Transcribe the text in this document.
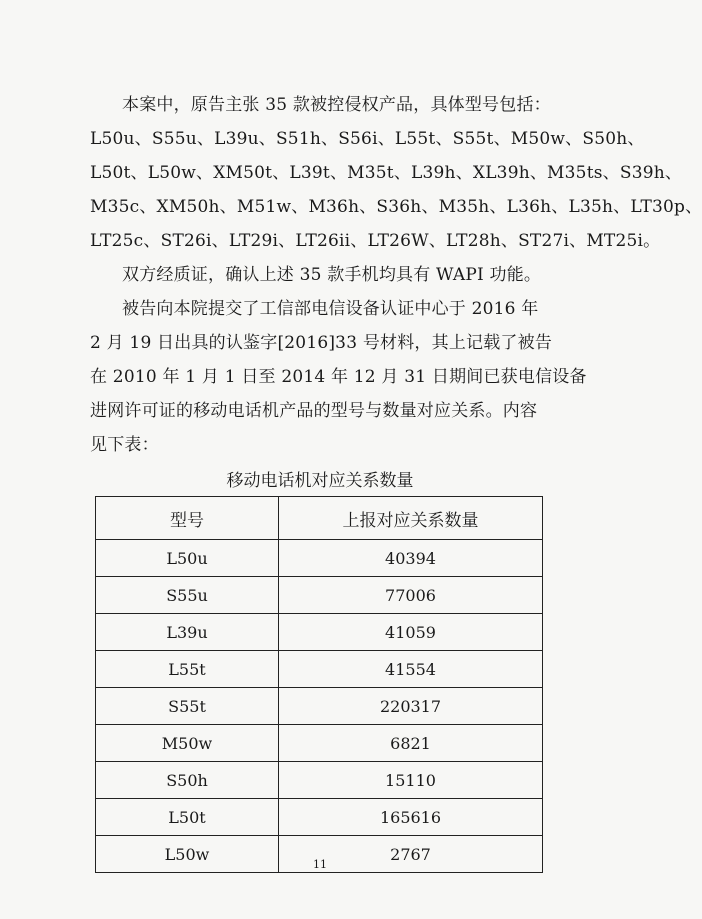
本案中，原告主张 35 款被控侵权产品，具体型号包括：
L50u、S55u、L39u、S51h、S56i、L55t、S55t、M50w、S50h、
L50t、L50w、XM50t、L39t、M35t、L39h、XL39h、M35ts、S39h、
M35c、XM50h、M51w、M36h、S36h、M35h、L36h、L35h、LT30p、
LT25c、ST26i、LT29i、LT26ii、LT26W、LT28h、ST27i、MT25i。
双方经质证，确认上述 35 款手机均具有 WAPI 功能。
被告向本院提交了工信部电信设备认证中心于 2016 年
2 月 19 日出具的认鉴字[2016]33 号材料，其上记载了被告
在 2010 年 1 月 1 日至 2014 年 12 月 31 日期间已获电信设备
进网许可证的移动电话机产品的型号与数量对应关系。内容
见下表：
移动电话机对应关系数量
型号	上报对应关系数量
L50u	40394
S55u	77006
L39u	41059
L55t	41554
S55t	220317
M50w	6821
S50h	15110
L50t	165616
L50w	2767
11
